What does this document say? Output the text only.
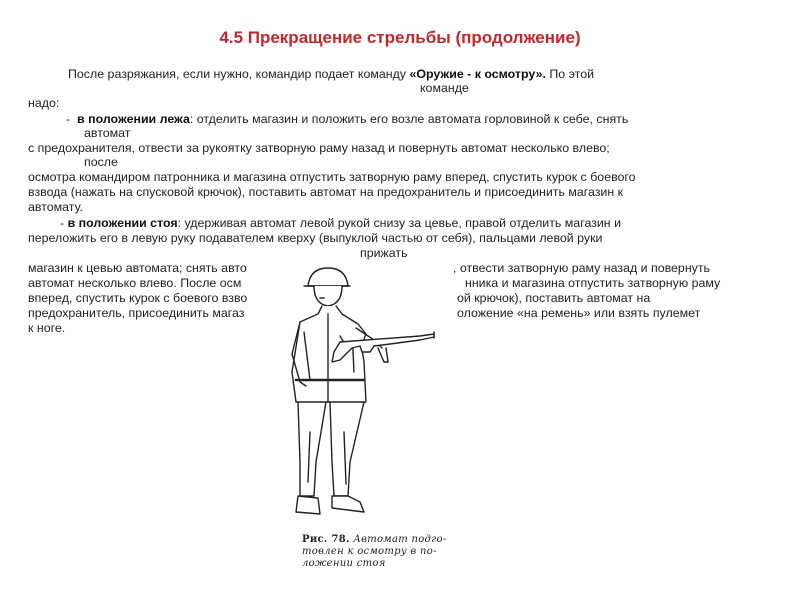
4.5 Прекращение стрельбы (продолжение)
После разряжания, если нужно, командир подает команду «Оружие - к осмотру». По этой
команде
надо:
- в положении лежа: отделить магазин и положить его возле автомата горловиной к себе, снять
автомат
с предохранителя, отвести за рукоятку затворную раму назад и повернуть автомат несколько влево;
после
осмотра командиром патронника и магазина отпустить затворную раму вперед, спустить курок с боевого
взвода (нажать на спусковой крючок), поставить автомат на предохранитель и присоединить магазин к
автомату.
- в положении стоя: удерживая автомат левой рукой снизу за цевье, правой отделить магазин и
переложить его в левую руку подавателем кверху (выпуклой частью от себя), пальцами левой руки
прижать
магазин к цевью автомата; снять авто	, отвести затворную раму назад и повернуть
автомат несколько влево. После осм	нника и магазина отпустить затворную раму
вперед, спустить курок с боевого взво	ой крючок), поставить автомат на
предохранитель, присоединить магаз	оложение «на ремень» или взять пулемет
к ноге.
Рис. 78. Автомат подго-
товлен к осмотру в по-
ложении стоя
